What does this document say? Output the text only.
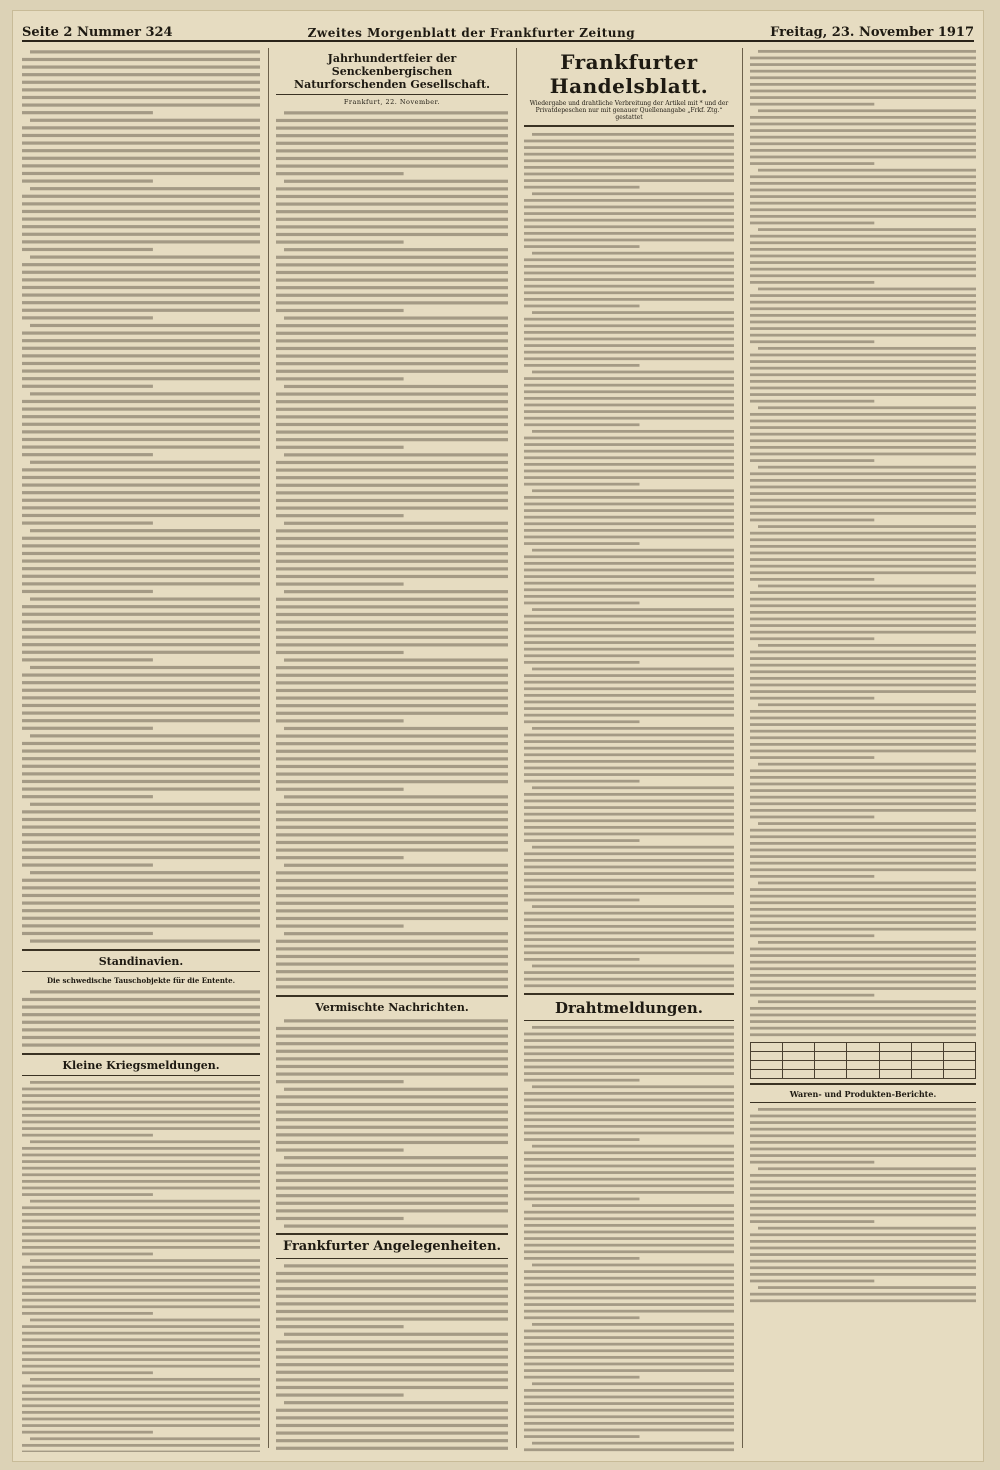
Seite 2 Nummer 324	Zweites Morgenblatt der Frankfurter Zeitung	Freitag, 23. November 1917
Standinavien.
Die schwedische Tauschobjekte für die Entente.
Kleine Kriegsmeldungen.
Jahrhundertfeier der Senckenbergischen Naturforschenden Gesellschaft.
Frankfurt, 22. November.
Vermischte Nachrichten.
Frankfurter Angelegenheiten.
Frankfurter Handelsblatt.
Wiedergabe und drahtliche Verbreitung der Artikel mit * und der Privatdepeschen nur mit genauer Quellenangabe „Frkf. Ztg.“ gestattet
Drahtmeldungen.

Waren- und Produkten-Berichte.
